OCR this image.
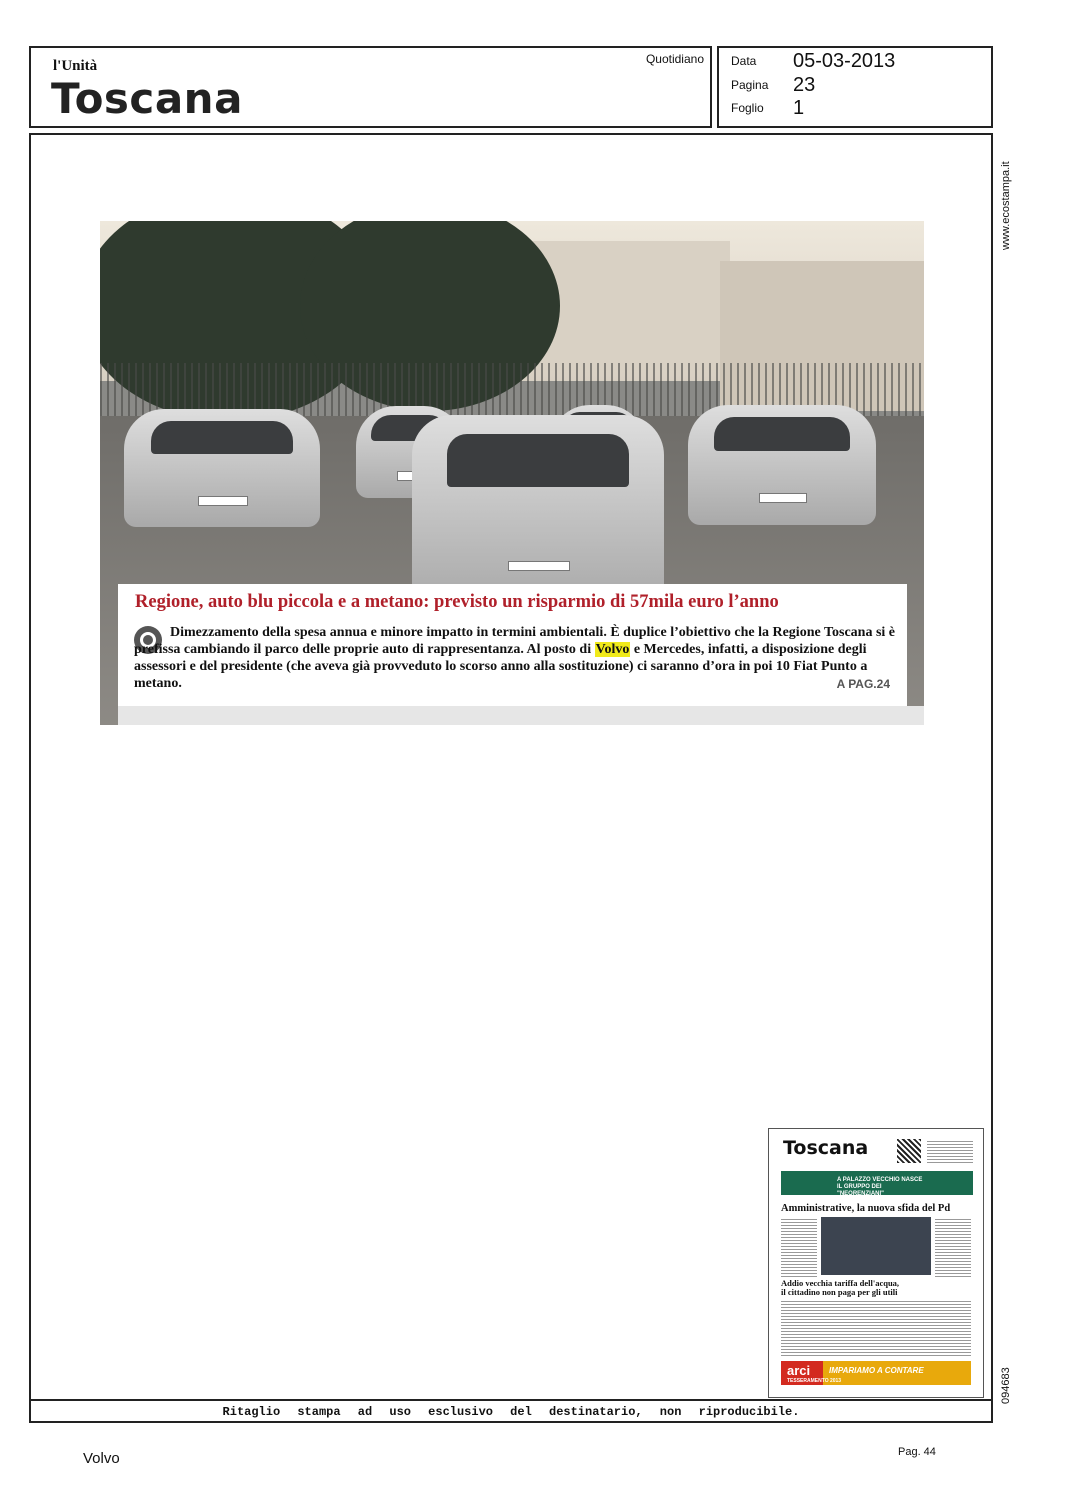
l'Unità
Toscana
Quotidiano Data 05-03-2013
Pagina 23
Foglio 1
www.ecostampa.it
094683
Ritaglio stampa ad uso esclusivo del destinatario, non riproducibile.
Regione, auto blu piccola e a metano: previsto un risparmio di 57mila euro l’anno
Dimezzamento della spesa annua e minore impatto in termini ambientali. È duplice l’obiettivo che la Regione Toscana si è prefissa cambiando il parco delle proprie auto di rappresentanza. Al posto di Volvo e Mercedes, infatti, a disposizione degli assessori e del presidente (che aveva già provveduto lo scorso anno alla sostituzione) ci saranno d’ora in poi 10 Fiat Punto a metano.	A PAG.24
Toscana
A PALAZZO VECCHIO NASCE IL GRUPPO DEI "NEORENZIANI"
Amministrative, la nuova sfida del Pd
Addio vecchia tariffa dell'acqua, il cittadino non paga per gli utili
arci IMPARIAMO A CONTARE
TESSERAMENTO 2013
Volvo	Pag. 44
